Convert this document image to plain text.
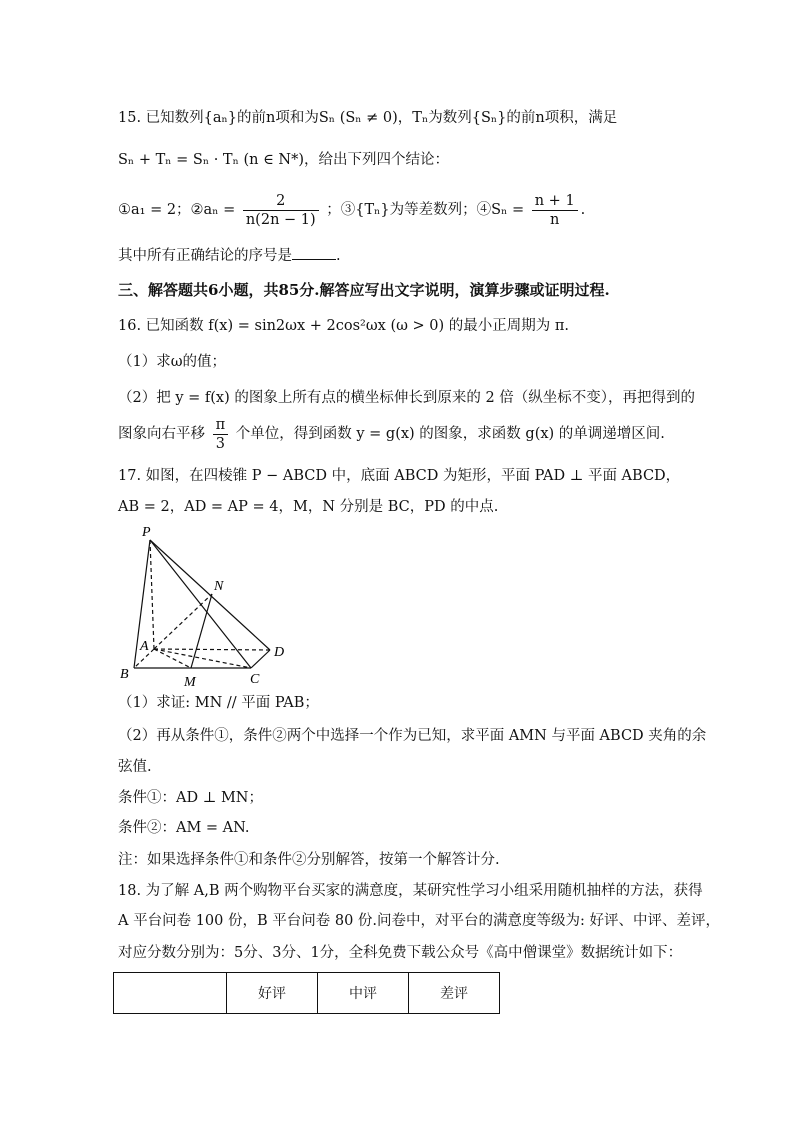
15. 已知数列{aₙ}的前n项和为Sₙ (Sₙ ≠ 0)，Tₙ为数列{Sₙ}的前n项积，满足
Sₙ + Tₙ = Sₙ · Tₙ (n ∈ N*)，给出下列四个结论：
①a₁ = 2；②aₙ = $\frac{2}{n(2n - 1)}$ ；③{Tₙ}为等差数列；④Sₙ = $\frac{n + 1}{n}$ .
其中所有正确结论的序号是	.
三、解答题共6小题，共85分.解答应写出文字说明，演算步骤或证明过程.
16. 已知函数 f(x) = sin2ωx + 2cos²ωx (ω > 0) 的最小正周期为 π.
（1）求ω的值；
（2）把 y = f(x) 的图象上所有点的横坐标伸长到原来的 2 倍（纵坐标不变），再把得到的
图象向右平移 $\frac{\pi}{3}$ 个单位，得到函数 y = g(x) 的图象，求函数 g(x) 的单调递增区间.
17. 如图，在四棱锥 P − ABCD 中，底面 ABCD 为矩形，平面 PAD ⊥ 平面 ABCD，
AB = 2，AD = AP = 4，M，N 分别是 BC，PD 的中点.
P
N
A	D
B
M	C
（1）求证: MN // 平面 PAB；
（2）再从条件①，条件②两个中选择一个作为已知，求平面 AMN 与平面 ABCD 夹角的余
弦值.
条件①：AD ⊥ MN；
条件②：AM = AN.
注：如果选择条件①和条件②分别解答，按第一个解答计分.
18. 为了解 A,B 两个购物平台买家的满意度，某研究性学习小组采用随机抽样的方法，获得
A 平台问卷 100 份，B 平台问卷 80 份.问卷中，对平台的满意度等级为: 好评、中评、差评，
对应分数分别为：5分、3分、1分，全科免费下载公众号《高中僧课堂》数据统计如下：
	好评	中评	差评
